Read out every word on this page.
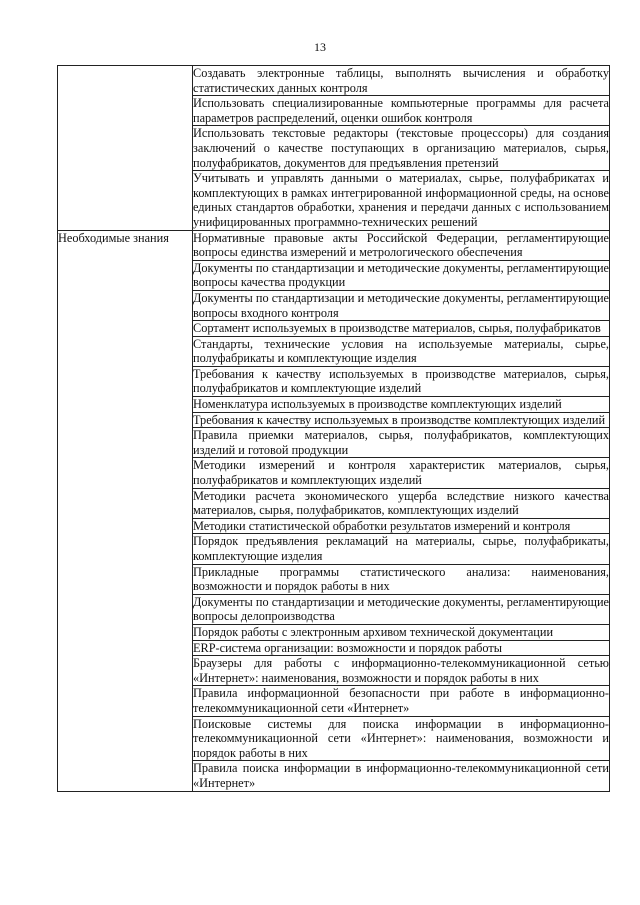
13
	Создавать электронные таблицы, выполнять вычисления и обработку статистических данных контроля
	Использовать специализированные компьютерные программы для расчета параметров распределений, оценки ошибок контроля
	Использовать текстовые редакторы (текстовые процессоры) для создания заключений о качестве поступающих в организацию материалов, сырья, полуфабрикатов, документов для предъявления претензий
	Учитывать и управлять данными о материалах, сырье, полуфабрикатах и комплектующих в рамках интегрированной информационной среды, на основе единых стандартов обработки, хранения и передачи данных с использованием унифицированных программно-технических решений
Необходимые знания	Нормативные правовые акты Российской Федерации, регламентирующие вопросы единства измерений и метрологического обеспечения
	Документы по стандартизации и методические документы, регламентирующие вопросы качества продукции
	Документы по стандартизации и методические документы, регламентирующие вопросы входного контроля
	Сортамент используемых в производстве материалов, сырья, полуфабрикатов
	Стандарты, технические условия на используемые материалы, сырье, полуфабрикаты и комплектующие изделия
	Требования к качеству используемых в производстве материалов, сырья, полуфабрикатов и комплектующие изделий
	Номенклатура используемых в производстве комплектующих изделий
	Требования к качеству используемых в производстве комплектующих изделий
	Правила приемки материалов, сырья, полуфабрикатов, комплектующих изделий и готовой продукции
	Методики измерений и контроля характеристик материалов, сырья, полуфабрикатов и комплектующих изделий
	Методики расчета экономического ущерба вследствие низкого качества материалов, сырья, полуфабрикатов, комплектующих изделий
	Методики статистической обработки результатов измерений и контроля
	Порядок предъявления рекламаций на материалы, сырье, полуфабрикаты, комплектующие изделия
	Прикладные программы статистического анализа: наименования, возможности и порядок работы в них
	Документы по стандартизации и методические документы, регламентирующие вопросы делопроизводства
	Порядок работы с электронным архивом технической документации
	ERP-система организации: возможности и порядок работы
	Браузеры для работы с информационно-телекоммуникационной сетью «Интернет»: наименования, возможности и порядок работы в них
	Правила информационной безопасности при работе в информационно-телекоммуникационной сети «Интернет»
	Поисковые системы для поиска информации в информационно-телекоммуникационной сети «Интернет»: наименования, возможности и порядок работы в них
	Правила поиска информации в информационно-телекоммуникационной сети «Интернет»
